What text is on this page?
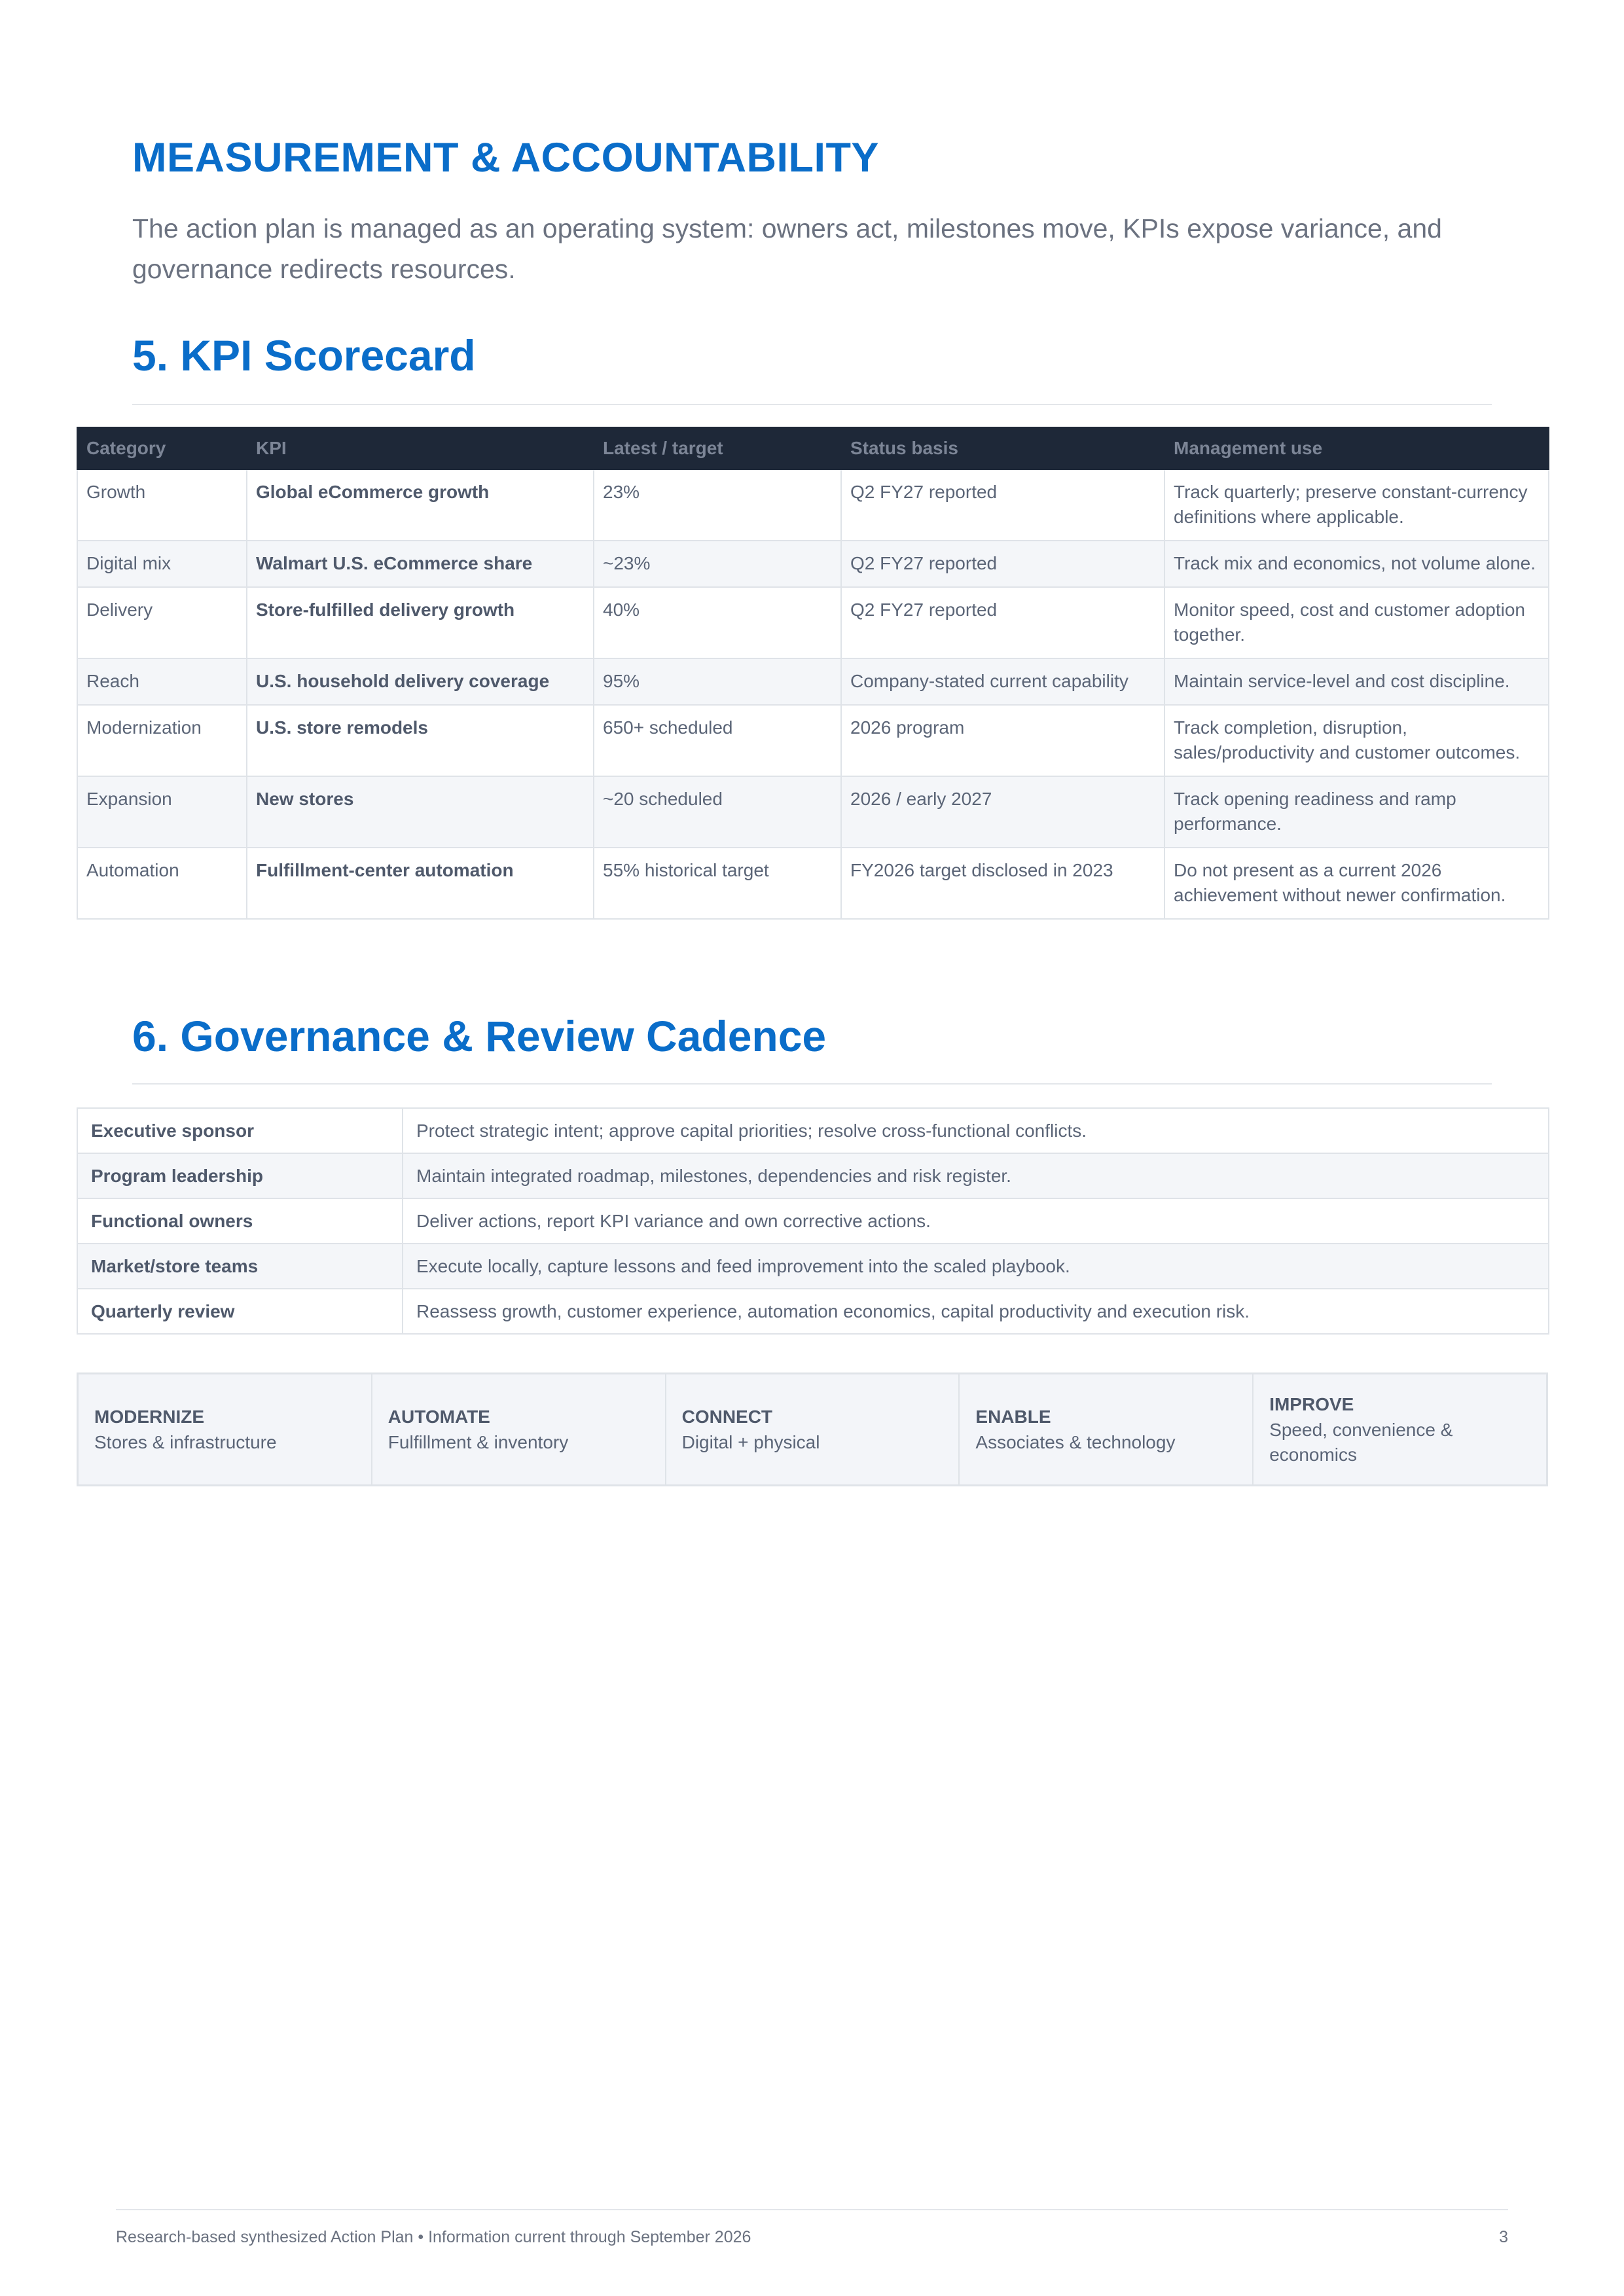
MEASUREMENT & ACCOUNTABILITY

The action plan is managed as an operating system: owners act, milestones move, KPIs expose variance, and governance redirects resources.

5. KPI Scorecard
Category	KPI	Latest / target	Status basis	Management use
Growth	Global eCommerce growth	23%	Q2 FY27 reported	Track quarterly; preserve constant-currency definitions where applicable.
Digital mix	Walmart U.S. eCommerce share	~23%	Q2 FY27 reported	Track mix and economics, not volume alone.
Delivery	Store-fulfilled delivery growth	40%	Q2 FY27 reported	Monitor speed, cost and customer adoption together.
Reach	U.S. household delivery coverage	95%	Company-stated current capability	Maintain service-level and cost discipline.
Modernization	U.S. store remodels	650+ scheduled	2026 program	Track completion, disruption, sales/productivity and customer outcomes.
Expansion	New stores	~20 scheduled	2026 / early 2027	Track opening readiness and ramp performance.
Automation	Fulfillment-center automation	55% historical target	FY2026 target disclosed in 2023	Do not present as a current 2026 achievement without newer confirmation.
6. Governance & Review Cadence
Executive sponsor	Protect strategic intent; approve capital priorities; resolve cross-functional conflicts.
Program leadership	Maintain integrated roadmap, milestones, dependencies and risk register.
Functional owners	Deliver actions, report KPI variance and own corrective actions.
Market/store teams	Execute locally, capture lessons and feed improvement into the scaled playbook.
Quarterly review	Reassess growth, customer experience, automation economics, capital productivity and execution risk.
MODERNIZE
Stores & infrastructure
AUTOMATE
Fulfillment & inventory
CONNECT
Digital + physical
ENABLE
Associates & technology
IMPROVE
Speed, convenience & economics
Research-based synthesized Action Plan • Information current through September 2026	3
